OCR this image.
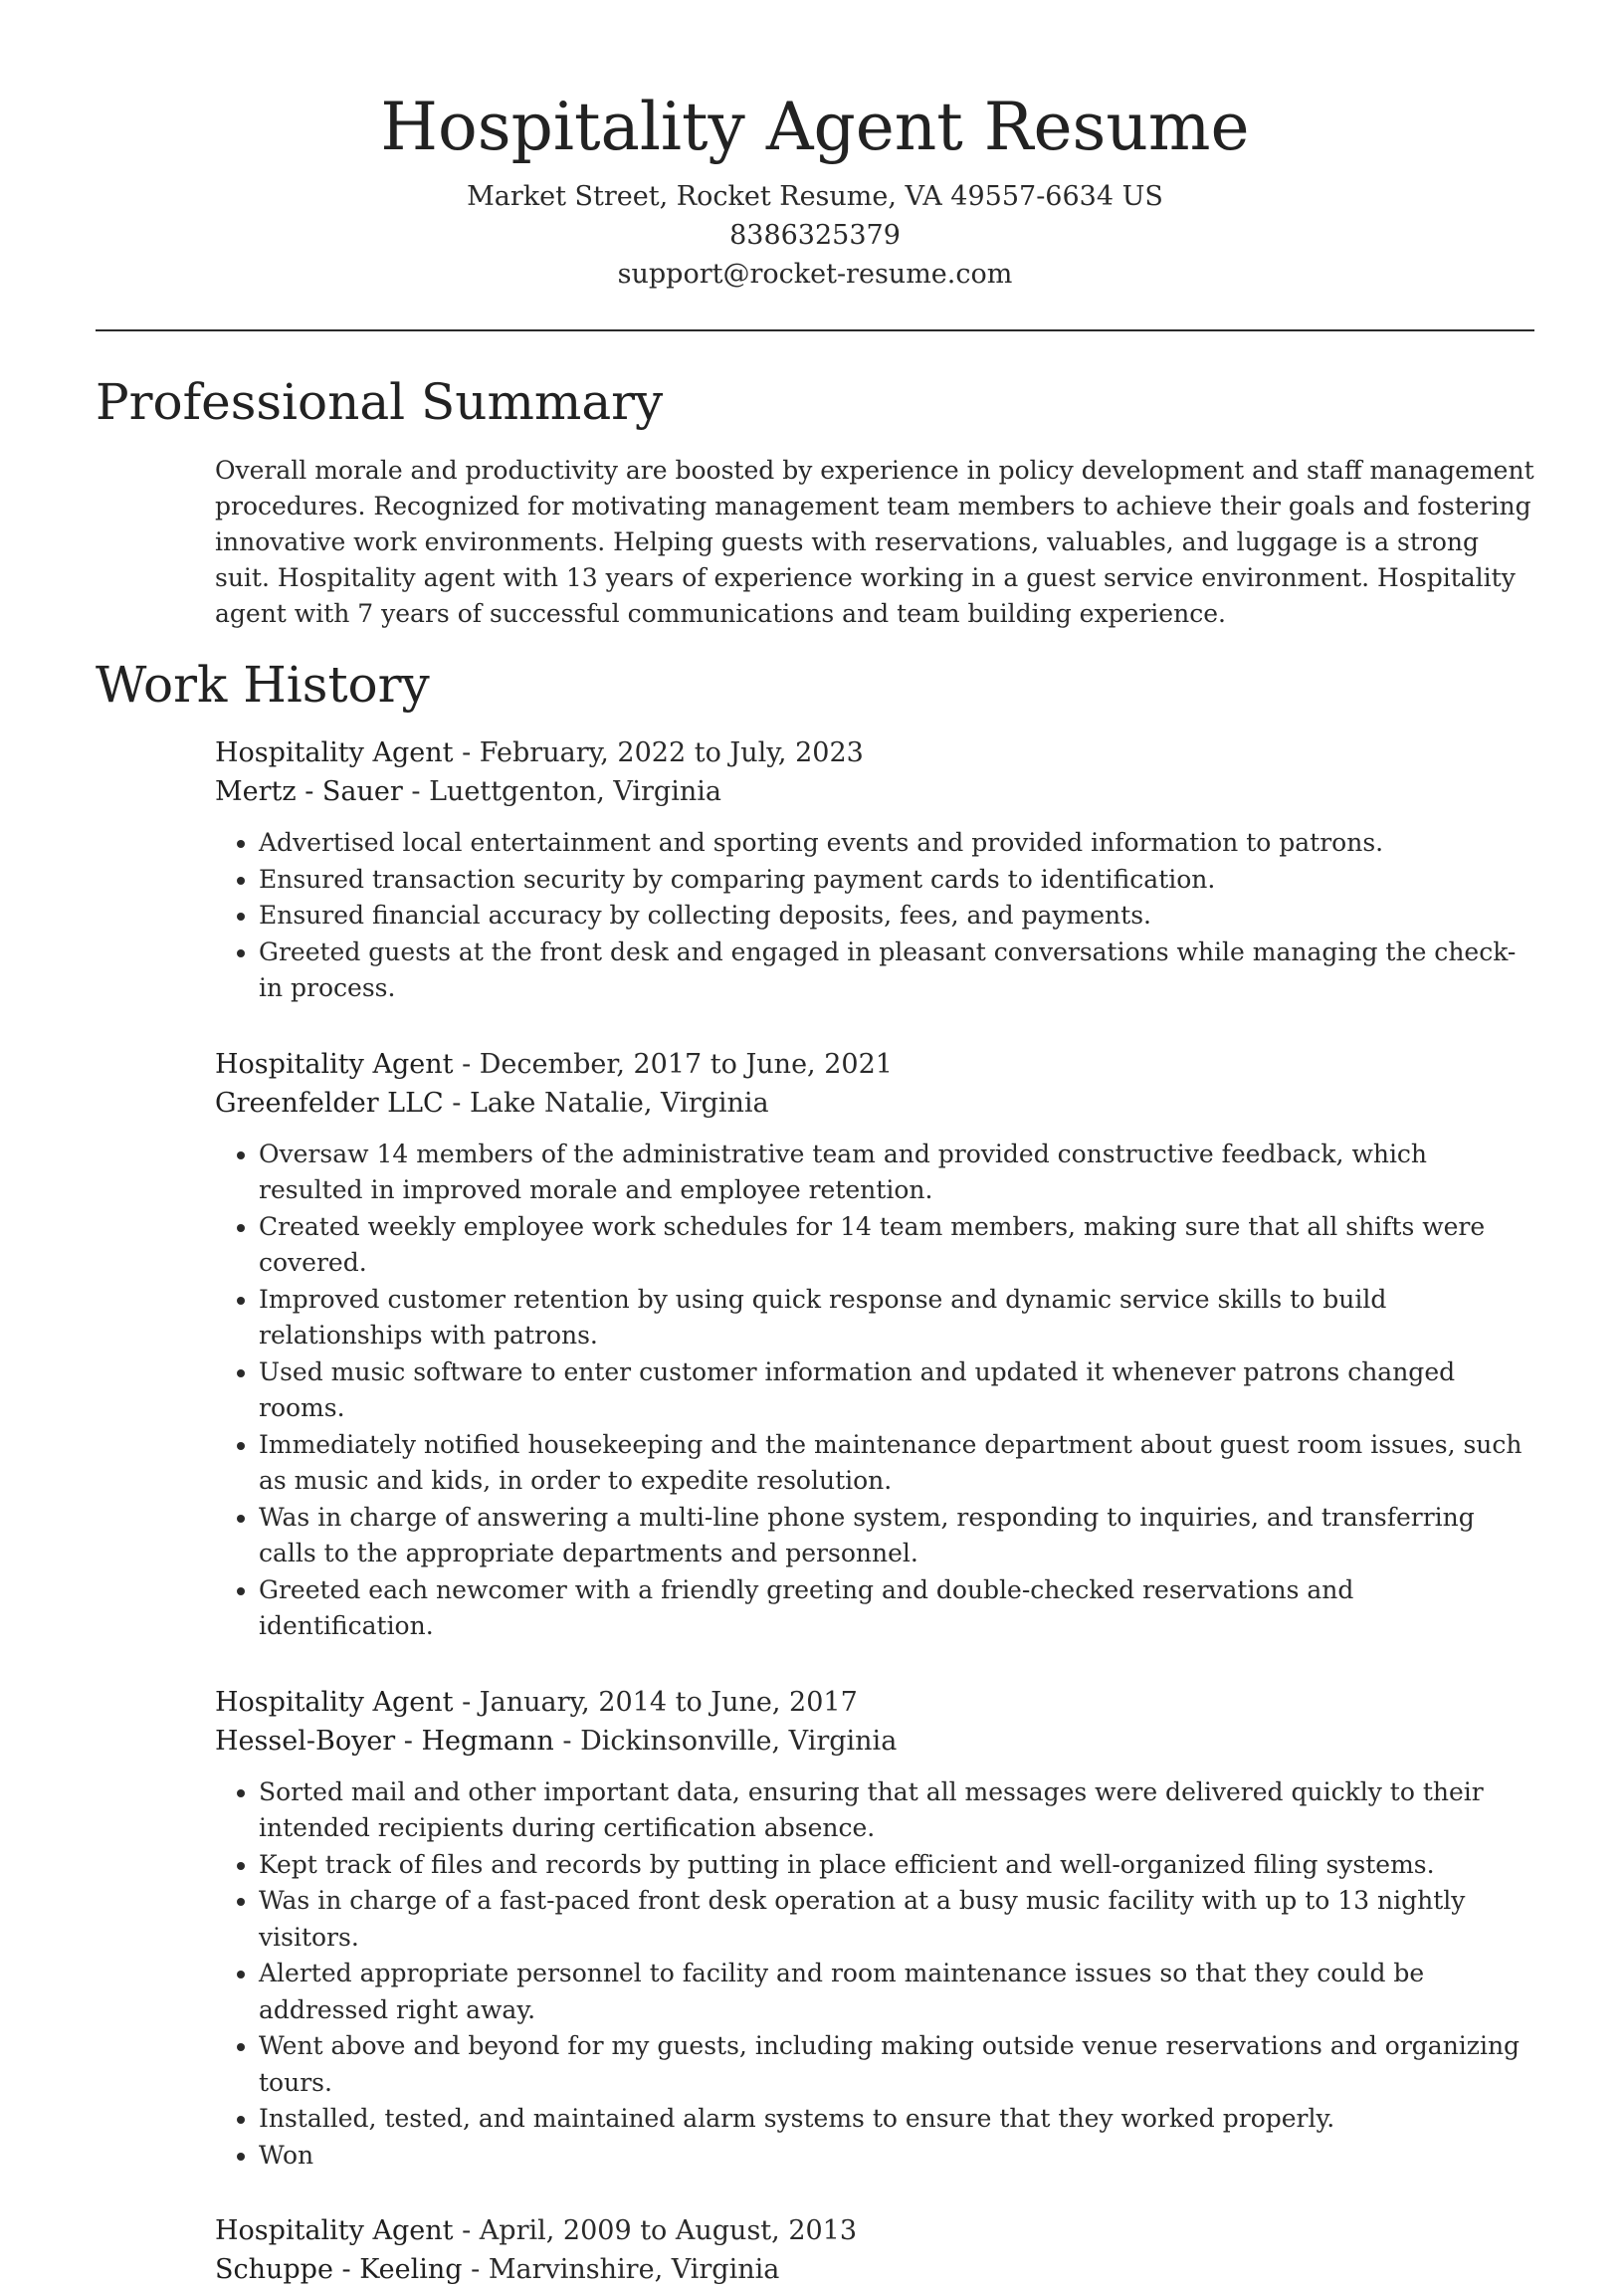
Hospitality Agent Resume
Market Street, Rocket Resume, VA 49557-6634 US
8386325379
support@rocket-resume.com
Professional Summary

Overall morale and productivity are boosted by experience in policy development and staff management procedures. Recognized for motivating management team members to achieve their goals and fostering innovative work environments. Helping guests with reservations, valuables, and luggage is a strong suit. Hospitality agent with 13 years of experience working in a guest service environment. Hospitality agent with 7 years of successful communications and team building experience.

Work History
Hospitality Agent - February, 2022 to July, 2023
Mertz - Sauer - Luettgenton, Virginia
• Advertised local entertainment and sporting events and provided information to patrons.
• Ensured transaction security by comparing payment cards to identification.
• Ensured financial accuracy by collecting deposits, fees, and payments.
• Greeted guests at the front desk and engaged in pleasant conversations while managing the check-in process.
Hospitality Agent - December, 2017 to June, 2021
Greenfelder LLC - Lake Natalie, Virginia
• Oversaw 14 members of the administrative team and provided constructive feedback, which resulted in improved morale and employee retention.
• Created weekly employee work schedules for 14 team members, making sure that all shifts were covered.
• Improved customer retention by using quick response and dynamic service skills to build relationships with patrons.
• Used music software to enter customer information and updated it whenever patrons changed rooms.
• Immediately notified housekeeping and the maintenance department about guest room issues, such as music and kids, in order to expedite resolution.
• Was in charge of answering a multi-line phone system, responding to inquiries, and transferring calls to the appropriate departments and personnel.
• Greeted each newcomer with a friendly greeting and double-checked reservations and identification.
Hospitality Agent - January, 2014 to June, 2017
Hessel-Boyer - Hegmann - Dickinsonville, Virginia
• Sorted mail and other important data, ensuring that all messages were delivered quickly to their intended recipients during certification absence.
• Kept track of files and records by putting in place efficient and well-organized filing systems.
• Was in charge of a fast-paced front desk operation at a busy music facility with up to 13 nightly visitors.
• Alerted appropriate personnel to facility and room maintenance issues so that they could be addressed right away.
• Went above and beyond for my guests, including making outside venue reservations and organizing tours.
• Installed, tested, and maintained alarm systems to ensure that they worked properly.
• Won
Hospitality Agent - April, 2009 to August, 2013
Schuppe - Keeling - Marvinshire, Virginia
